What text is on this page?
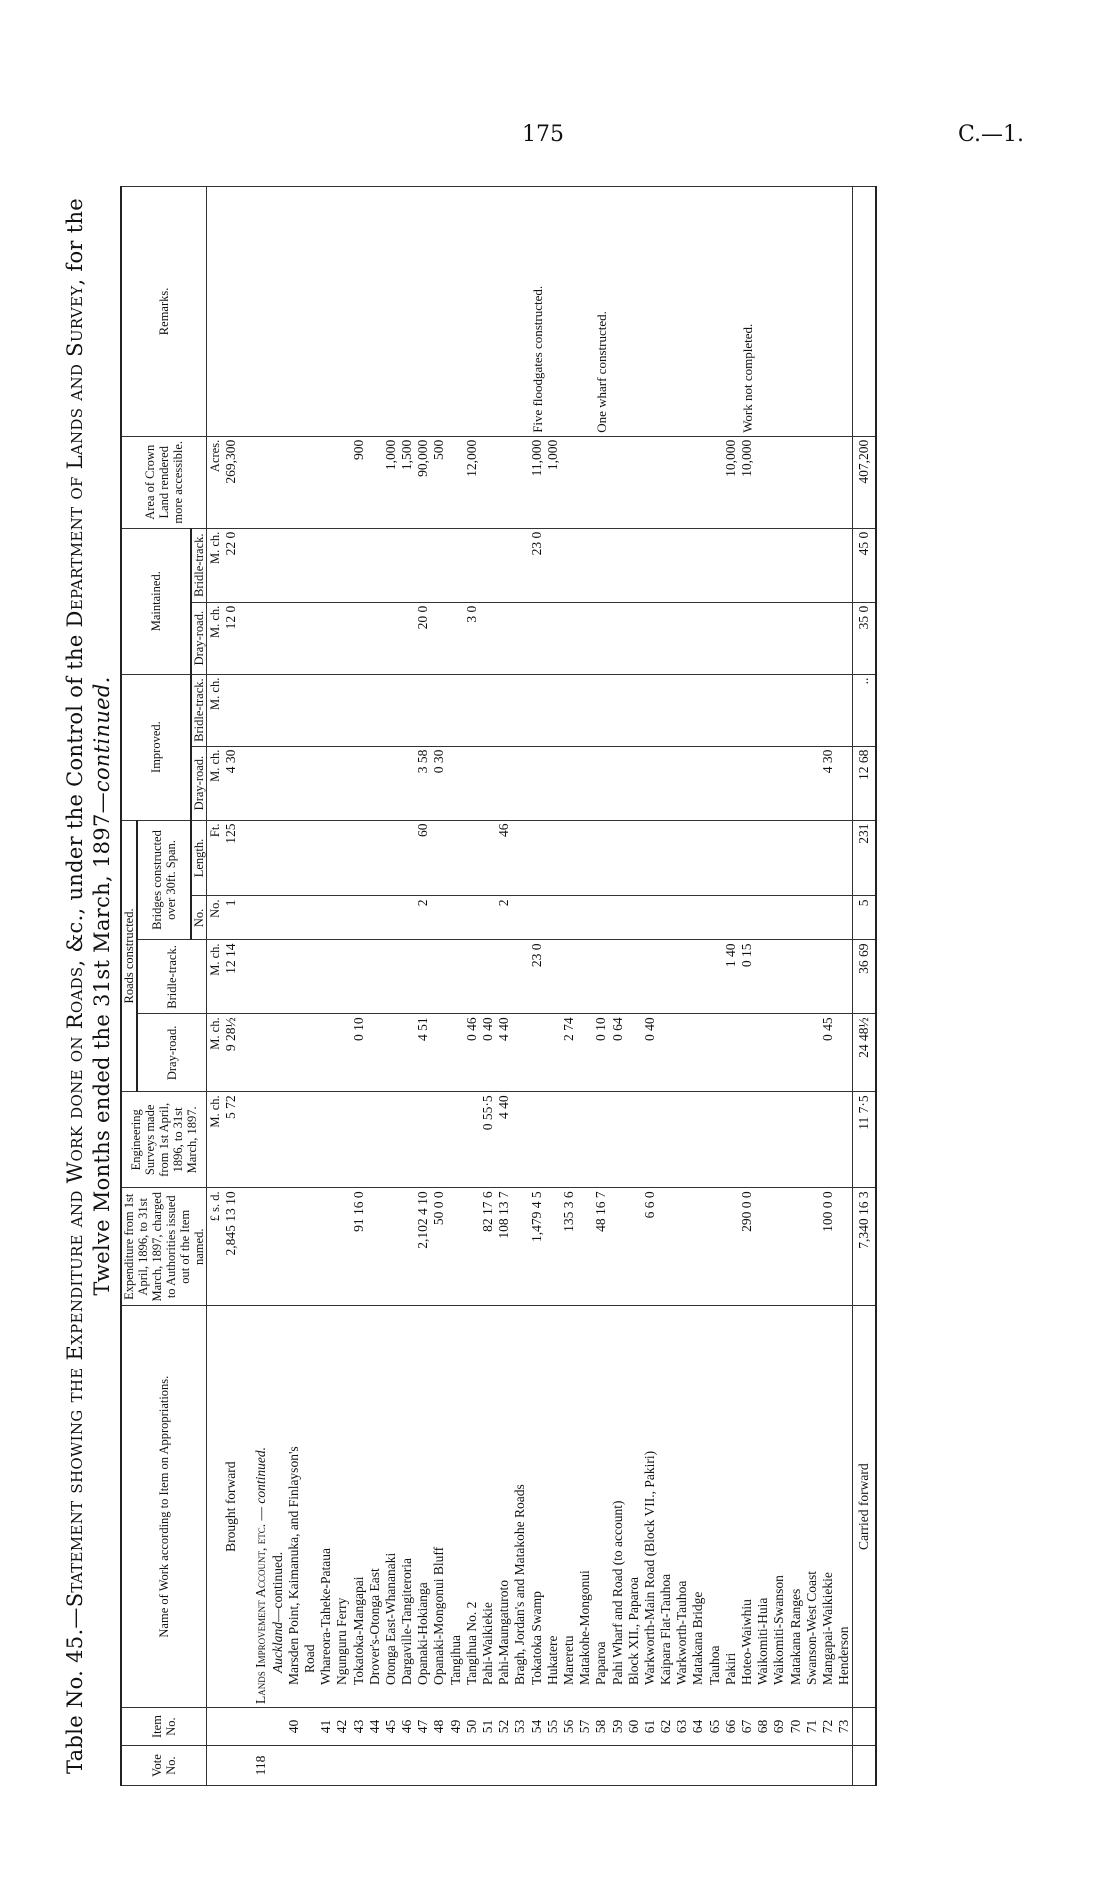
175	C.—1.
Table No. 45.—Statement showing the Expenditure and Work done on Roads, &c., under the Control of the Department of Lands and Survey, for the
Twelve Months ended the 31st March, 1897—continued.
Vote No.	Item No.	Name of Work according to Item on Appropriations.	Expenditure from 1st April, 1896, to 31st March, 1897, charged to Authorities issued out of the Item named.	Engineering Surveys made from 1st April, 1896, to 31st March, 1897.	Roads constructed.				Improved.		Maintained.		Area of Crown Land rendered more accessible.	Remarks.
					Dray-road.	Bridle-track.	Bridges constructed over 30ft. Span.							
							No.	Length.	Dray-road.	Bridle-track.	Dray-road.	Bridle-track.		
			£ s. d.	M. ch.	M. ch.	M. ch.	No.	Ft.	M. ch.	M. ch.	M. ch.	M. ch.	Acres.	
		Brought forward	2,845 13 10	5 72	9 28½	12 14	1	125	4 30		12 0	22 0	269,300	

118		Lands Improvement Account, etc. — continued.												
		Auckland—continued.												
	40	Marsden Point, Kaimanuka, and Finlayson's												
		Road												
	41	Whareora-Taheke-Pataua												
	42	Ngunguru Ferry												
	43	Tokatoka-Mangapai	91 16 0		0 10								900	
	44	Drover's-Otonga East												
	45	Otonga East-Whananaki											1,000	
	46	Dargaville-Tangiteroria											1,500	
	47	Opanaki-Hokianga	2,102 4 10		4 51		2	60	3 58		20 0		90,000	
	48	Opanaki-Mongonui Bluff	50 0 0						0 30				500	
	49	Tangihua												
	50	Tangihua No. 2			0 46						3 0		12,000	
	51	Pahi-Waikiekie	82 17 6	0 55·5	0 40									
	52	Pahi-Maungaturoto	108 13 7	4 40	4 40		2	46						
	53	Bragh, Jordan's and Matakohe Roads												
	54	Tokatoka Swamp	1,479 4 5			23 0						23 0	11,000	Five floodgates constructed.
	55	Hukatere											1,000	
	56	Mareretu	135 3 6		2 74									
	57	Matakohe-Mongonui												
	58	Paparoa	48 16 7		0 10									One wharf constructed.
	59	Pahi Wharf and Road (to account)			0 64									
	60	Block XII., Paparoa												
	61	Warkworth-Main Road (Block VII., Pakiri)	6 6 0		0 40									
	62	Kaipara Flat-Tauhoa												
	63	Warkworth-Tauhoa												
	64	Matakana Bridge												
	65	Tauhoa												
	66	Pakiri				1 40							10,000	
	67	Hoteo-Waiwhiu	290 0 0			0 15							10,000	Work not completed.
	68	Waikomiti-Huia												
	69	Waikomiti-Swanson												
	70	Matakana Ranges												
	71	Swanson-West Coast												
	72	Mangapai-Waikiekie	100 0 0		0 45				4 30					
	73	Henderson												
		Carried forward	7,340 16 3	11 7·5	24 48½	36 69	5	231	12 68	..	35 0	45 0	407,200	
